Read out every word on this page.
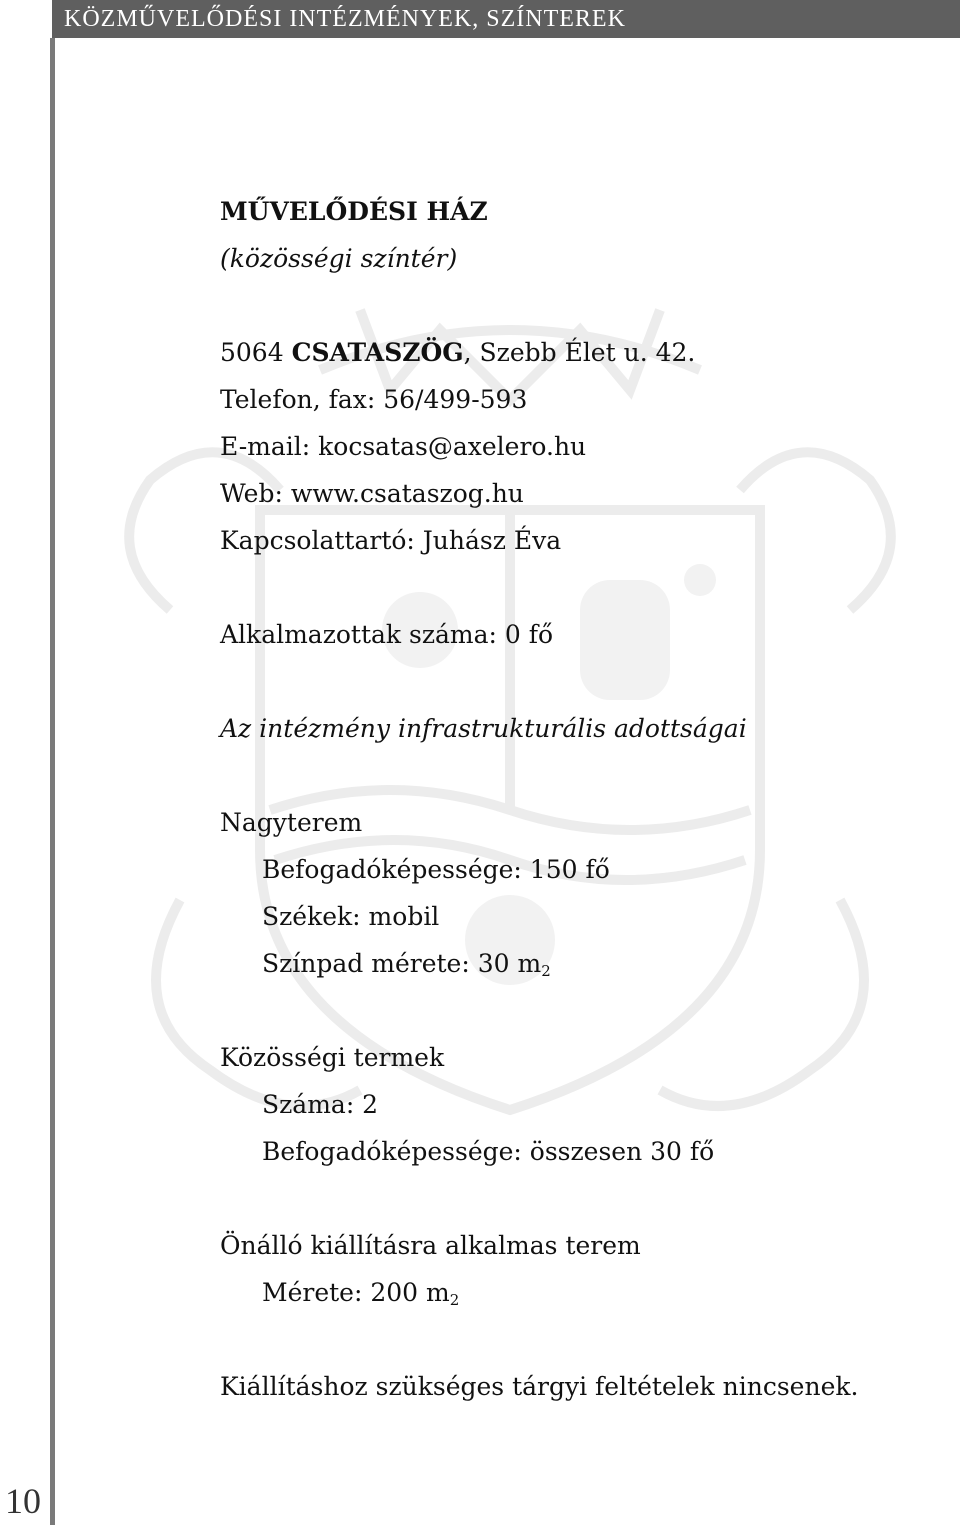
KÖZMŰVELŐDÉSI INTÉZMÉNYEK, SZÍNTEREK
MŰVELŐDÉSI HÁZ
(közösségi színtér)
5064 CSATASZÖG, Szebb Élet u. 42.
Telefon, fax: 56/499-593
E-mail: kocsatas@axelero.hu
Web: www.csataszog.hu
Kapcsolattartó: Juhász Éva
Alkalmazottak száma: 0 fő
Az intézmény infrastrukturális adottságai
Nagyterem
Befogadóképessége: 150 fő
Székek: mobil
Színpad mérete: 30 $m^2$
Közösségi termek
Száma: 2
Befogadóképessége: összesen 30 fő
Önálló kiállításra alkalmas terem
Mérete: 200 $m^2$
Kiállításhoz szükséges tárgyi feltételek nincsenek.
10
